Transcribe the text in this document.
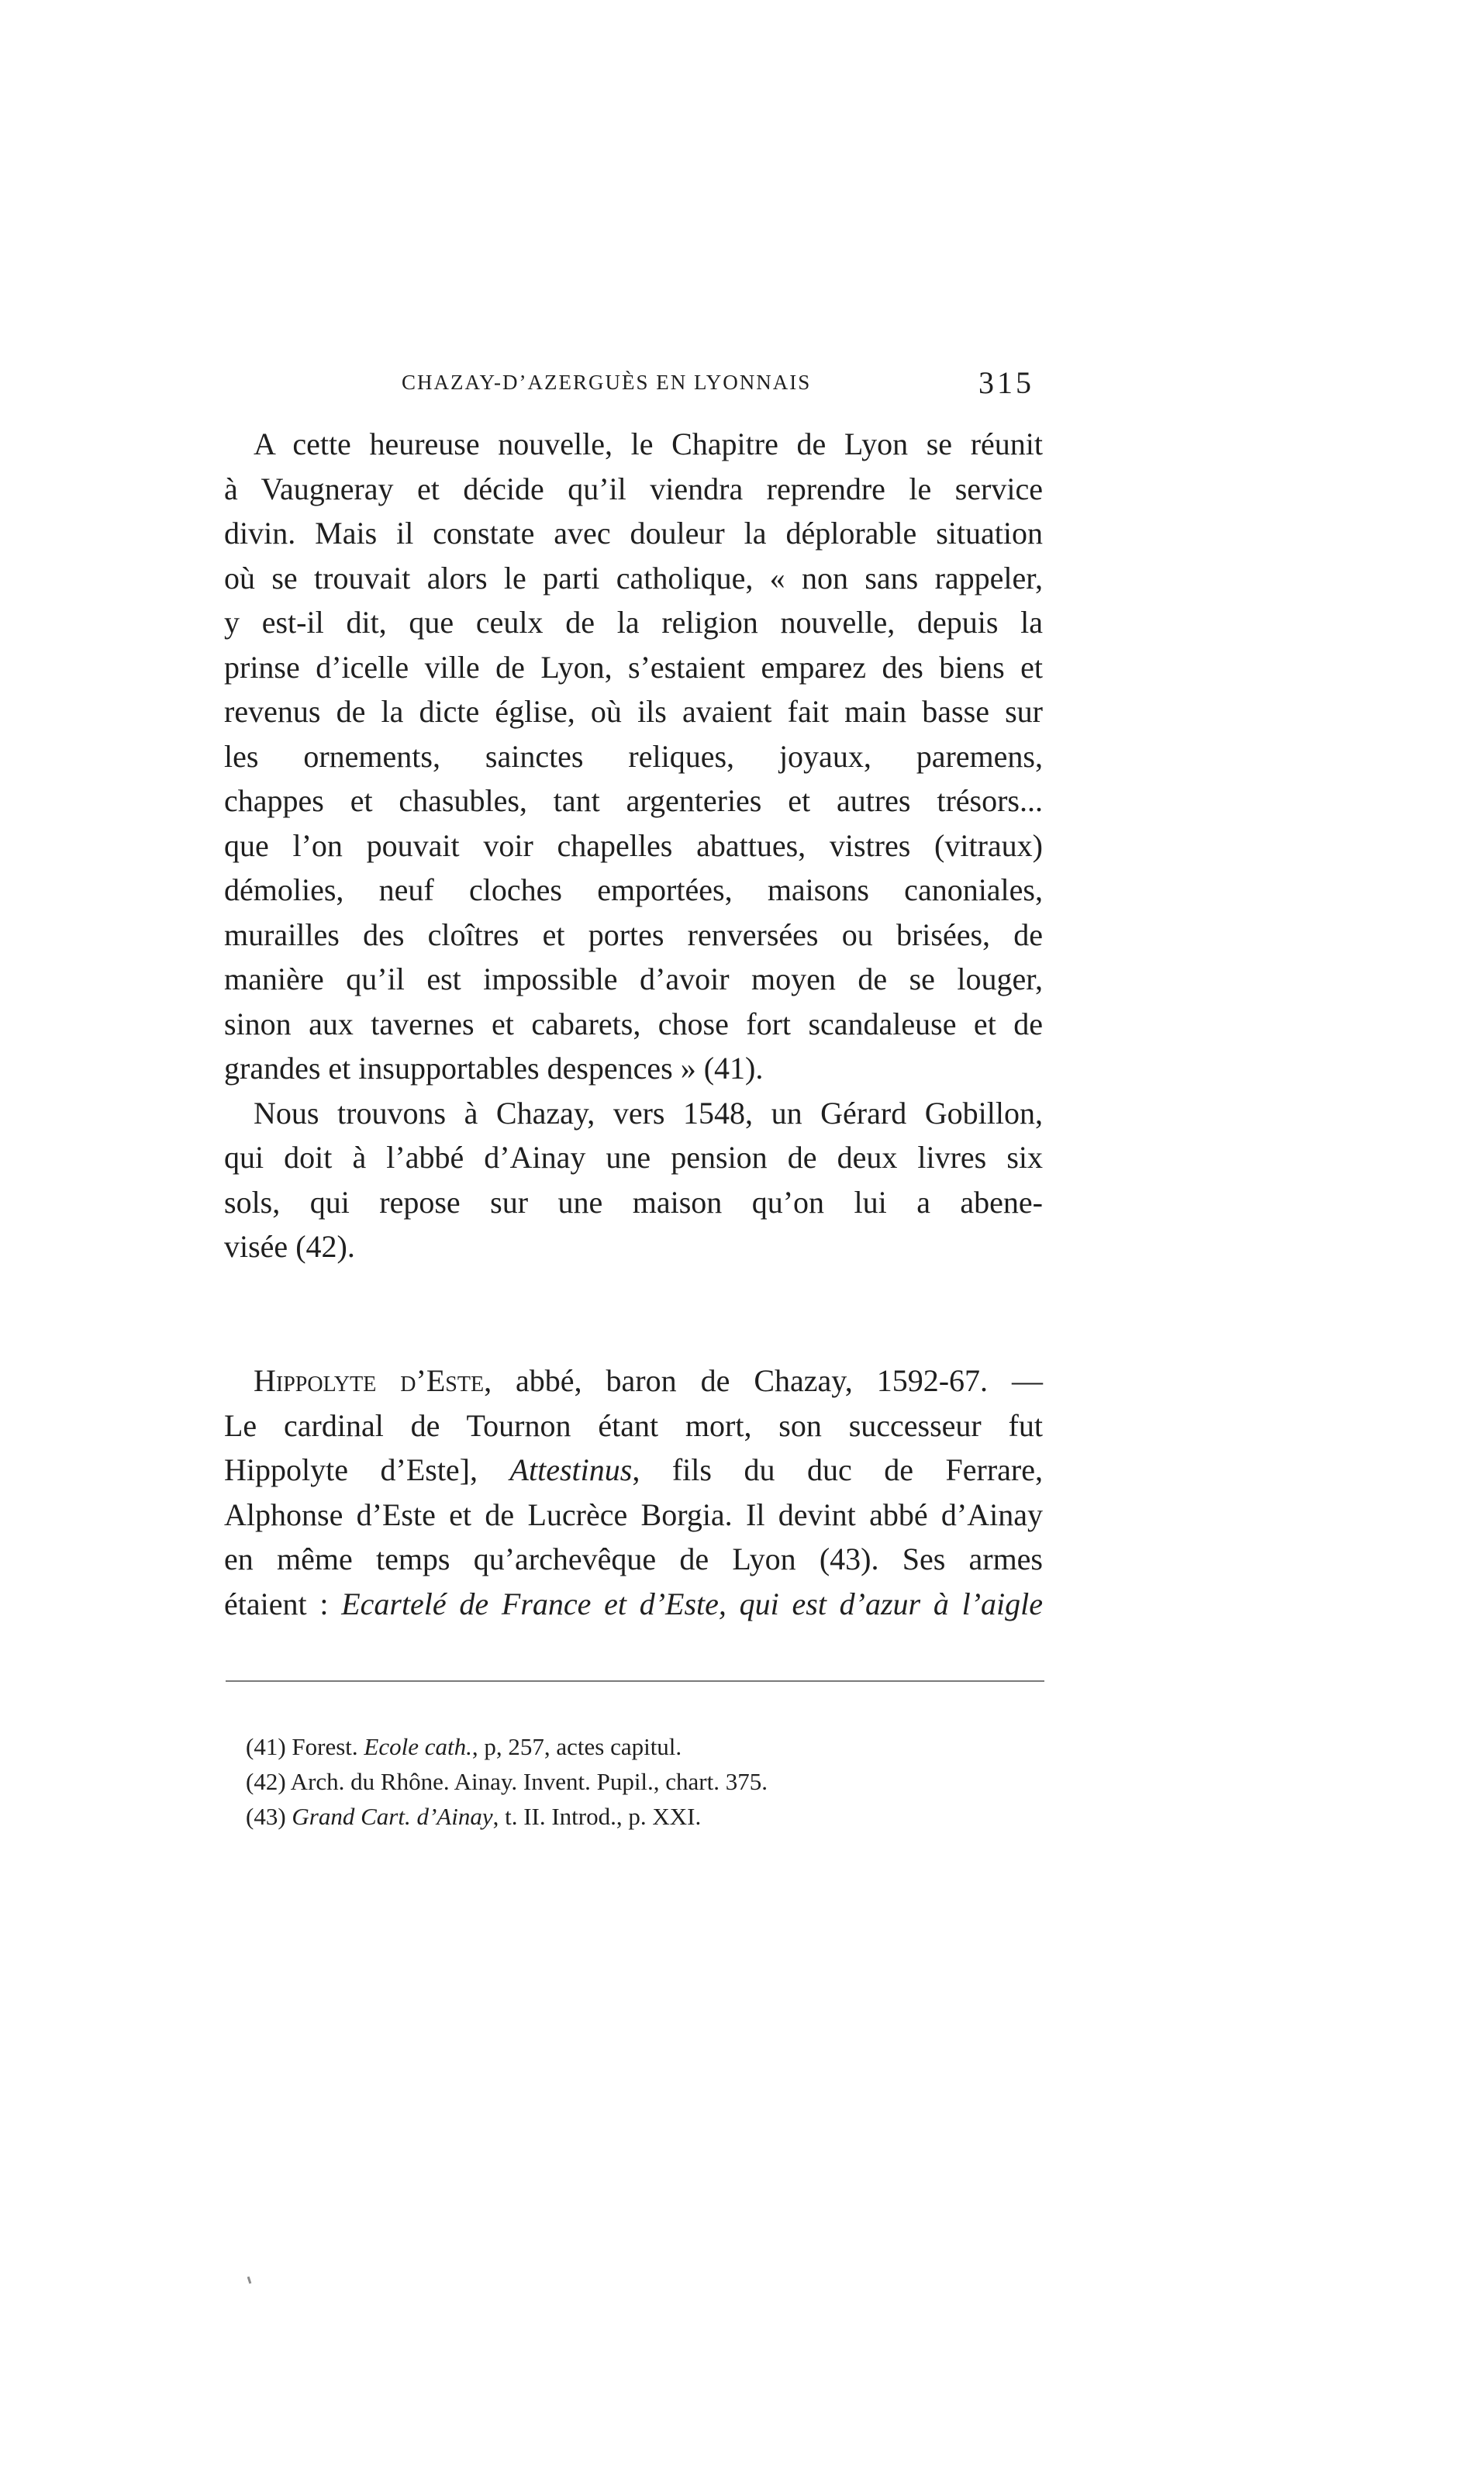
CHAZAY-D’AZERGUÈS EN LYONNAIS	315
A cette heureuse nouvelle, le Chapitre de Lyon se réunit
à Vaugneray et décide qu’il viendra reprendre le service
divin. Mais il constate avec douleur la déplorable situation
où se trouvait alors le parti catholique, « non sans rappeler,
y est-il dit, que ceulx de la religion nouvelle, depuis la
prinse d’icelle ville de Lyon, s’estaient emparez des biens et
revenus de la dicte église, où ils avaient fait main basse sur
les ornements, sainctes reliques, joyaux, paremens,
chappes et chasubles, tant argenteries et autres trésors...
que l’on pouvait voir chapelles abattues, vistres (vitraux)
démolies, neuf cloches emportées, maisons canoniales,
murailles des cloîtres et portes renversées ou brisées, de
manière qu’il est impossible d’avoir moyen de se louger,
sinon aux tavernes et cabarets, chose fort scandaleuse et de
grandes et insupportables despences » (41).
Nous trouvons à Chazay, vers 1548, un Gérard Gobillon,
qui doit à l’abbé d’Ainay une pension de deux livres six
sols, qui repose sur une maison qu’on lui a abene-
visée (42).
Hippolyte d’Este, abbé, baron de Chazay, 1592-67. —
Le cardinal de Tournon étant mort, son successeur fut
Hippolyte d’Este], Attestinus, fils du duc de Ferrare,
Alphonse d’Este et de Lucrèce Borgia. Il devint abbé d’Ainay
en même temps qu’archevêque de Lyon (43). Ses armes
étaient : Ecartelé de France et d’Este, qui est d’azur à l’aigle
(41) Forest. Ecole cath., p, 257, actes capitul.
(42) Arch. du Rhône. Ainay. Invent. Pupil., chart. 375.
(43) Grand Cart. d’Ainay, t. II. Introd., p. XXI.
